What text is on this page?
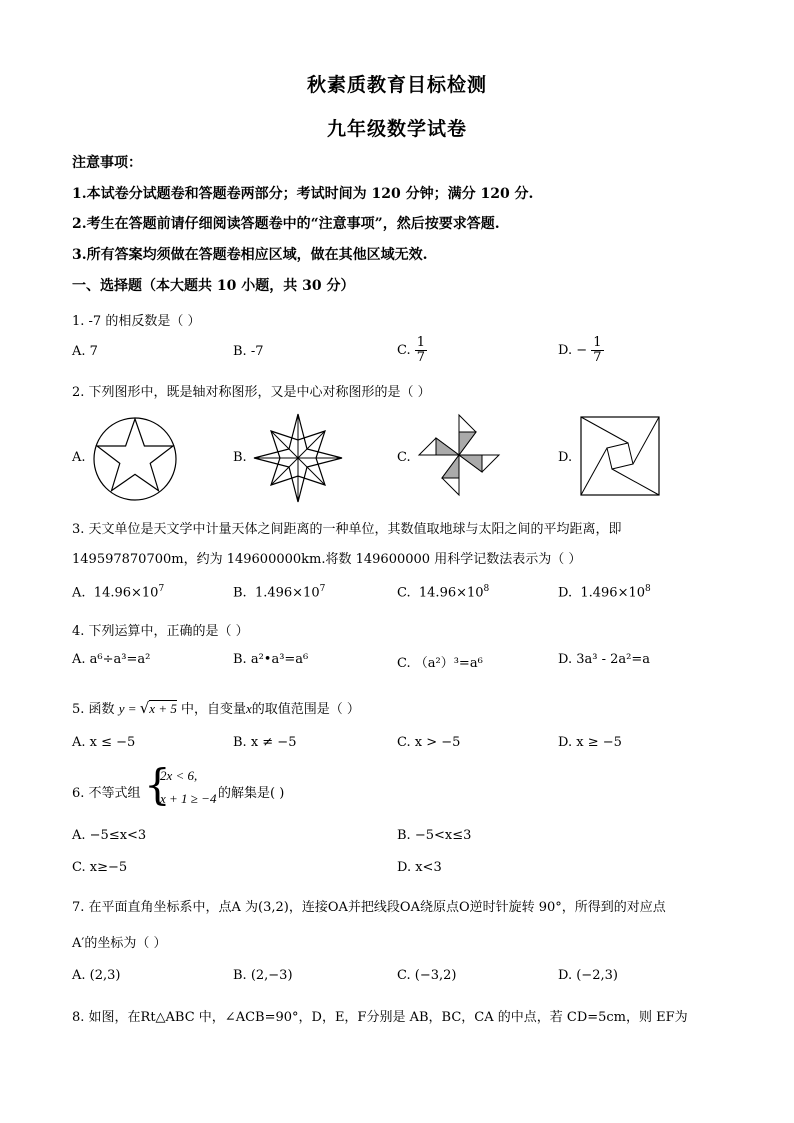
秋素质教育目标检测
九年级数学试卷
注意事项：
1.本试卷分试题卷和答题卷两部分；考试时间为 120 分钟；满分 120 分.
2.考生在答题前请仔细阅读答题卷中的“注意事项”，然后按要求答题.
3.所有答案均须做在答题卷相应区域，做在其他区域无效.
一、选择题（本大题共 10 小题，共 30 分）
1. -7 的相反数是（ ）
A. 7	B. -7	C. $\frac{1}{7}$	D. − $\frac{1}{7}$
2. 下列图形中，既是轴对称图形，又是中心对称图形的是（ ）
A.	B.	C.	D.
3. 天文单位是天文学中计量天体之间距离的一种单位，其数值取地球与太阳之间的平均距离，即
149597870700m，约为 149600000km.将数 149600000 用科学记数法表示为（ ）
A. $14.96\times 10^7$	B. $1.496\times 10^7$	C. $14.96\times 10^8$	D. $1.496\times 10^8$
4. 下列运算中，正确的是（ ）
A. a⁶÷a³=a²	B. a²•a³=a⁶	C. （a²）³=a⁶	D. 3a³ - 2a²=a
5. 函数 y = √x + 5 中，自变量x的取值范围是（ ）
A. x ≤ −5	B. x ≠ −5	C. x > −5	D. x ≥ −5
6. 不等式组 {
2x < 6,
x + 1 ≥ −4 的解集是( )
A. −5≤x<3	B. −5<x≤3
C. x≥−5	D. x<3
7. 在平面直角坐标系中，点A 为(3,2)，连接OA并把线段OA绕原点O逆时针旋转 90°，所得到的对应点
A′的坐标为（ ）
A. (2,3)	B. (2,−3)	C. (−3,2)	D. (−2,3)
8. 如图，在Rt△ABC 中，∠ACB=90°，D，E，F分别是 AB，BC，CA 的中点，若 CD=5cm，则 EF为
